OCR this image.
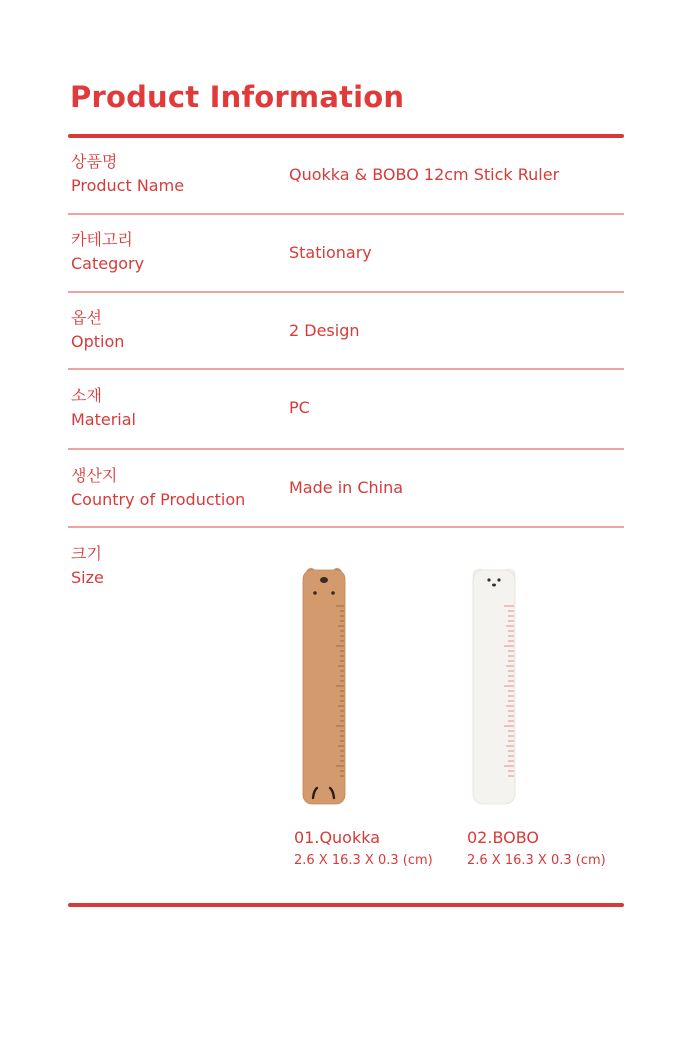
Product Information
상품명
Product Name
Quokka & BOBO 12cm Stick Ruler
카테고리
Category
Stationary
옵션
Option
2 Design
소재
Material
PC
생산지
Country of Production
Made in China
크기
Size
01.Quokka
2.6 X 16.3 X 0.3 (cm)
02.BOBO
2.6 X 16.3 X 0.3 (cm)
